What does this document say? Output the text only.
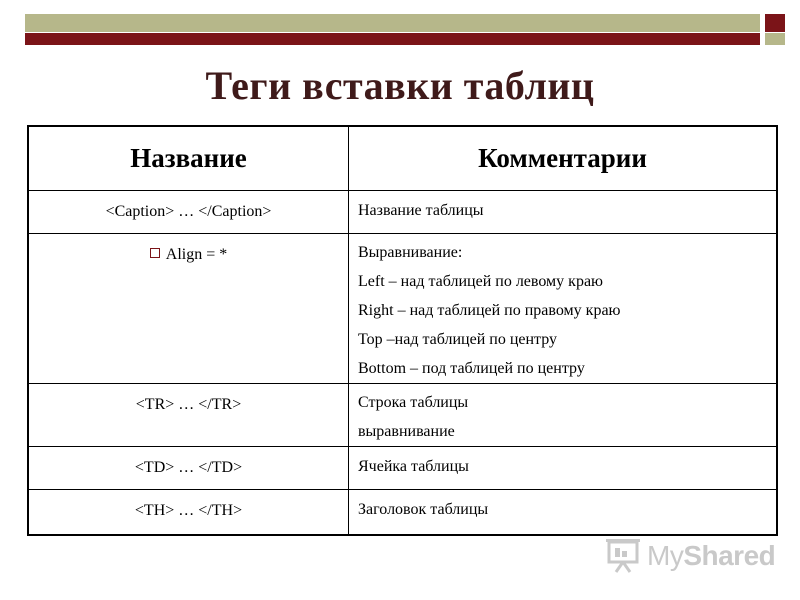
Теги вставки таблиц
Название	Комментарии

<Caption> … </Caption>	Название таблицы

Align = *	Выравнивание:
Left – над таблицей по левому краю
Right – над таблицей по правому краю
Top –над таблицей по центру
Bottom – под таблицей по центру

<TR> … </TR>	Строка таблицы
выравнивание

<TD> … </TD>	Ячейка таблицы

<TH> … </TH>	Заголовок таблицы
MyShared
